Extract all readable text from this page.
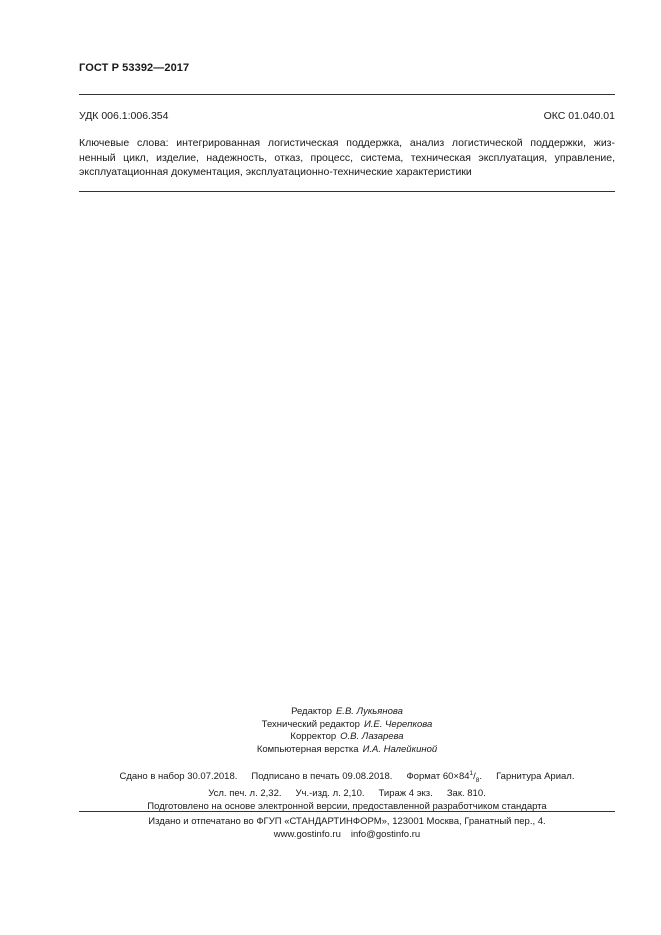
ГОСТ Р 53392—2017
УДК 006.1:006.354	ОКС 01.040.01
Ключевые слова: интегрированная логистическая поддержка, анализ логистической поддержки, жиз-
ненный цикл, изделие, надежность, отказ, процесс, система, техническая эксплуатация, управление,
эксплуатационная документация, эксплуатационно-технические характеристики
Редактор Е.В. Лукьянова
Технический редактор И.Е. Черепкова
Корректор О.В. Лазарева
Компьютерная верстка И.А. Налейкиной
Сдано в набор 30.07.2018. Подписано в печать 09.08.2018. Формат $60\times 84^1/_8$. Гарнитура Ариал.
Усл. печ. л. 2,32. Уч.-изд. л. 2,10. Тираж 4 экз. Зак. 810.
Подготовлено на основе электронной версии, предоставленной разработчиком стандарта
Издано и отпечатано во ФГУП «СТАНДАРТИНФОРМ», 123001 Москва, Гранатный пер., 4.
www.gostinfo.ru info@gostinfo.ru
